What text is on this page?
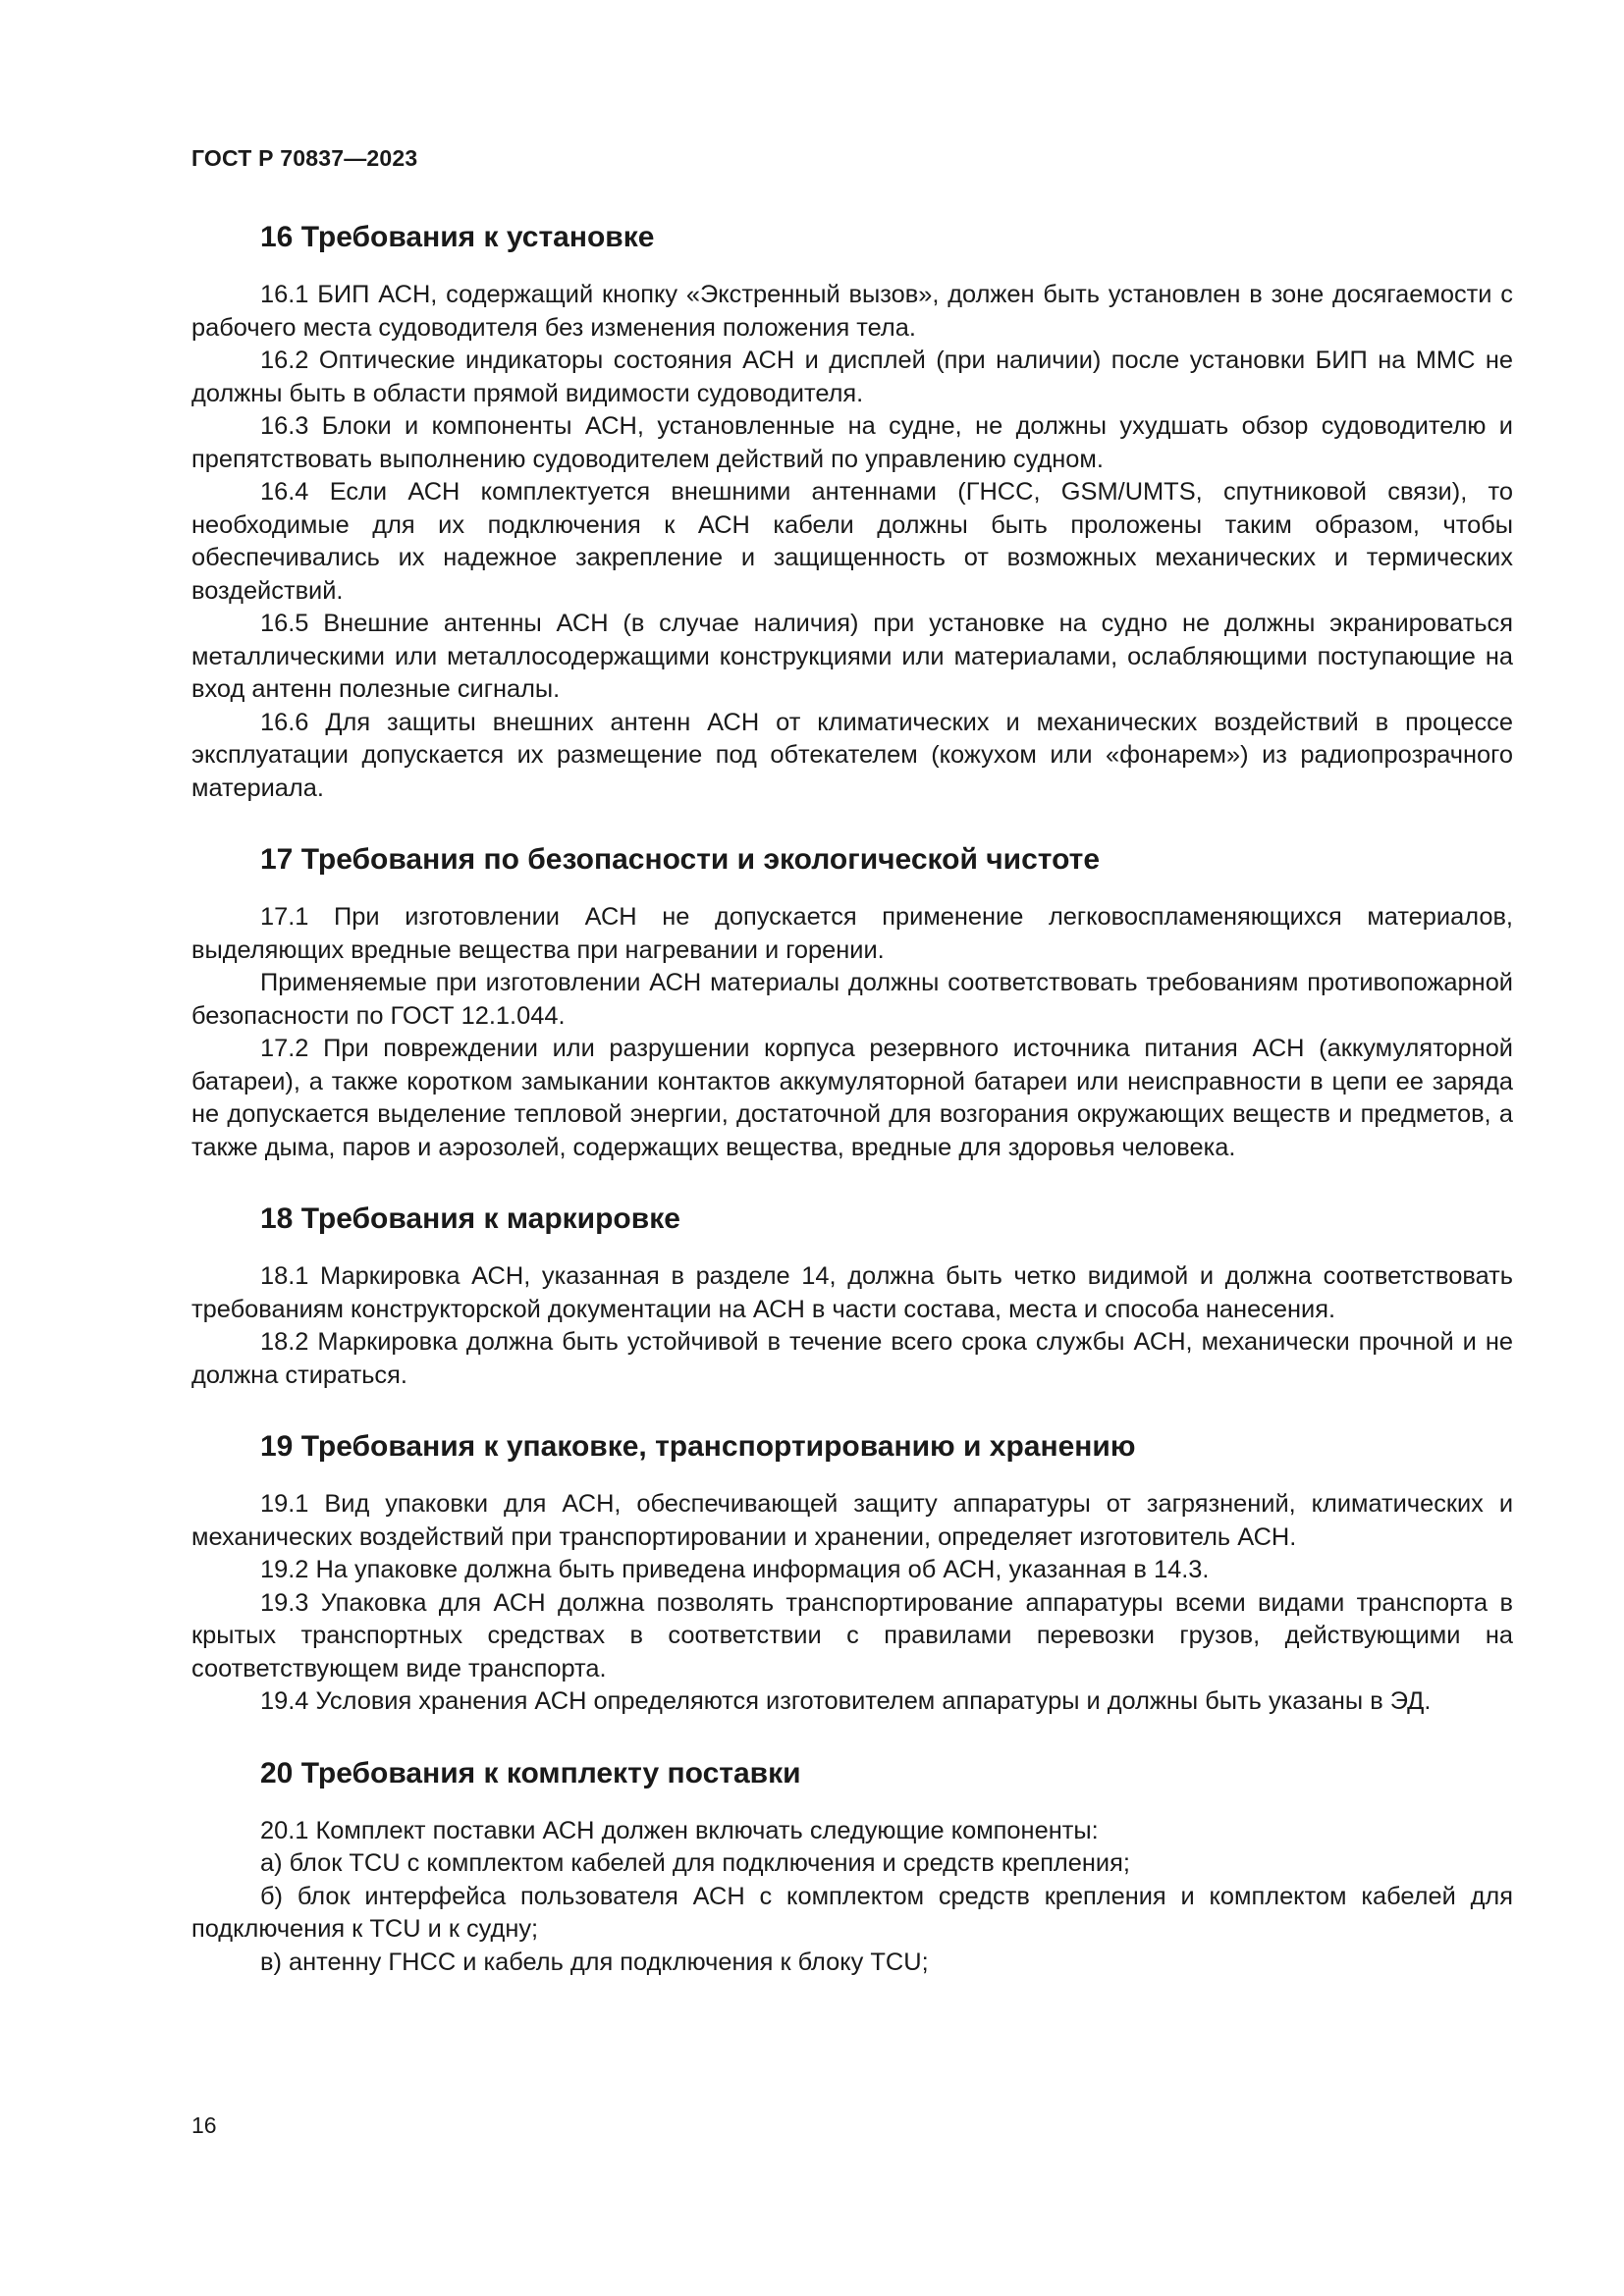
ГОСТ Р 70837—2023
16 Требования к установке

16.1 БИП АСН, содержащий кнопку «Экстренный вызов», должен быть установлен в зоне досягаемости с рабочего места судоводителя без изменения положения тела.

16.2 Оптические индикаторы состояния АСН и дисплей (при наличии) после установки БИП на ММС не должны быть в области прямой видимости судоводителя.

16.3 Блоки и компоненты АСН, установленные на судне, не должны ухудшать обзор судоводителю и препятствовать выполнению судоводителем действий по управлению судном.

16.4 Если АСН комплектуется внешними антеннами (ГНСС, GSM/UMTS, спутниковой связи), то необходимые для их подключения к АСН кабели должны быть проложены таким образом, чтобы обеспечивались их надежное закрепление и защищенность от возможных механических и термических воздействий.

16.5 Внешние антенны АСН (в случае наличия) при установке на судно не должны экранироваться металлическими или металлосодержащими конструкциями или материалами, ослабляющими поступающие на вход антенн полезные сигналы.

16.6 Для защиты внешних антенн АСН от климатических и механических воздействий в процессе эксплуатации допускается их размещение под обтекателем (кожухом или «фонарем») из радиопрозрачного материала.

17 Требования по безопасности и экологической чистоте

17.1 При изготовлении АСН не допускается применение легковоспламеняющихся материалов, выделяющих вредные вещества при нагревании и горении.

Применяемые при изготовлении АСН материалы должны соответствовать требованиям противопожарной безопасности по ГОСТ 12.1.044.

17.2 При повреждении или разрушении корпуса резервного источника питания АСН (аккумуляторной батареи), а также коротком замыкании контактов аккумуляторной батареи или неисправности в цепи ее заряда не допускается выделение тепловой энергии, достаточной для возгорания окружающих веществ и предметов, а также дыма, паров и аэрозолей, содержащих вещества, вредные для здоровья человека.

18 Требования к маркировке

18.1 Маркировка АСН, указанная в разделе 14, должна быть четко видимой и должна соответствовать требованиям конструкторской документации на АСН в части состава, места и способа нанесения.

18.2 Маркировка должна быть устойчивой в течение всего срока службы АСН, механически прочной и не должна стираться.

19 Требования к упаковке, транспортированию и хранению

19.1 Вид упаковки для АСН, обеспечивающей защиту аппаратуры от загрязнений, климатических и механических воздействий при транспортировании и хранении, определяет изготовитель АСН.

19.2 На упаковке должна быть приведена информация об АСН, указанная в 14.3.

19.3 Упаковка для АСН должна позволять транспортирование аппаратуры всеми видами транспорта в крытых транспортных средствах в соответствии с правилами перевозки грузов, действующими на соответствующем виде транспорта.

19.4 Условия хранения АСН определяются изготовителем аппаратуры и должны быть указаны в ЭД.

20 Требования к комплекту поставки

20.1 Комплект поставки АСН должен включать следующие компоненты:

а) блок TCU с комплектом кабелей для подключения и средств крепления;

б) блок интерфейса пользователя АСН с комплектом средств крепления и комплектом кабелей для подключения к TCU и к судну;

в) антенну ГНСС и кабель для подключения к блоку TCU;

16
